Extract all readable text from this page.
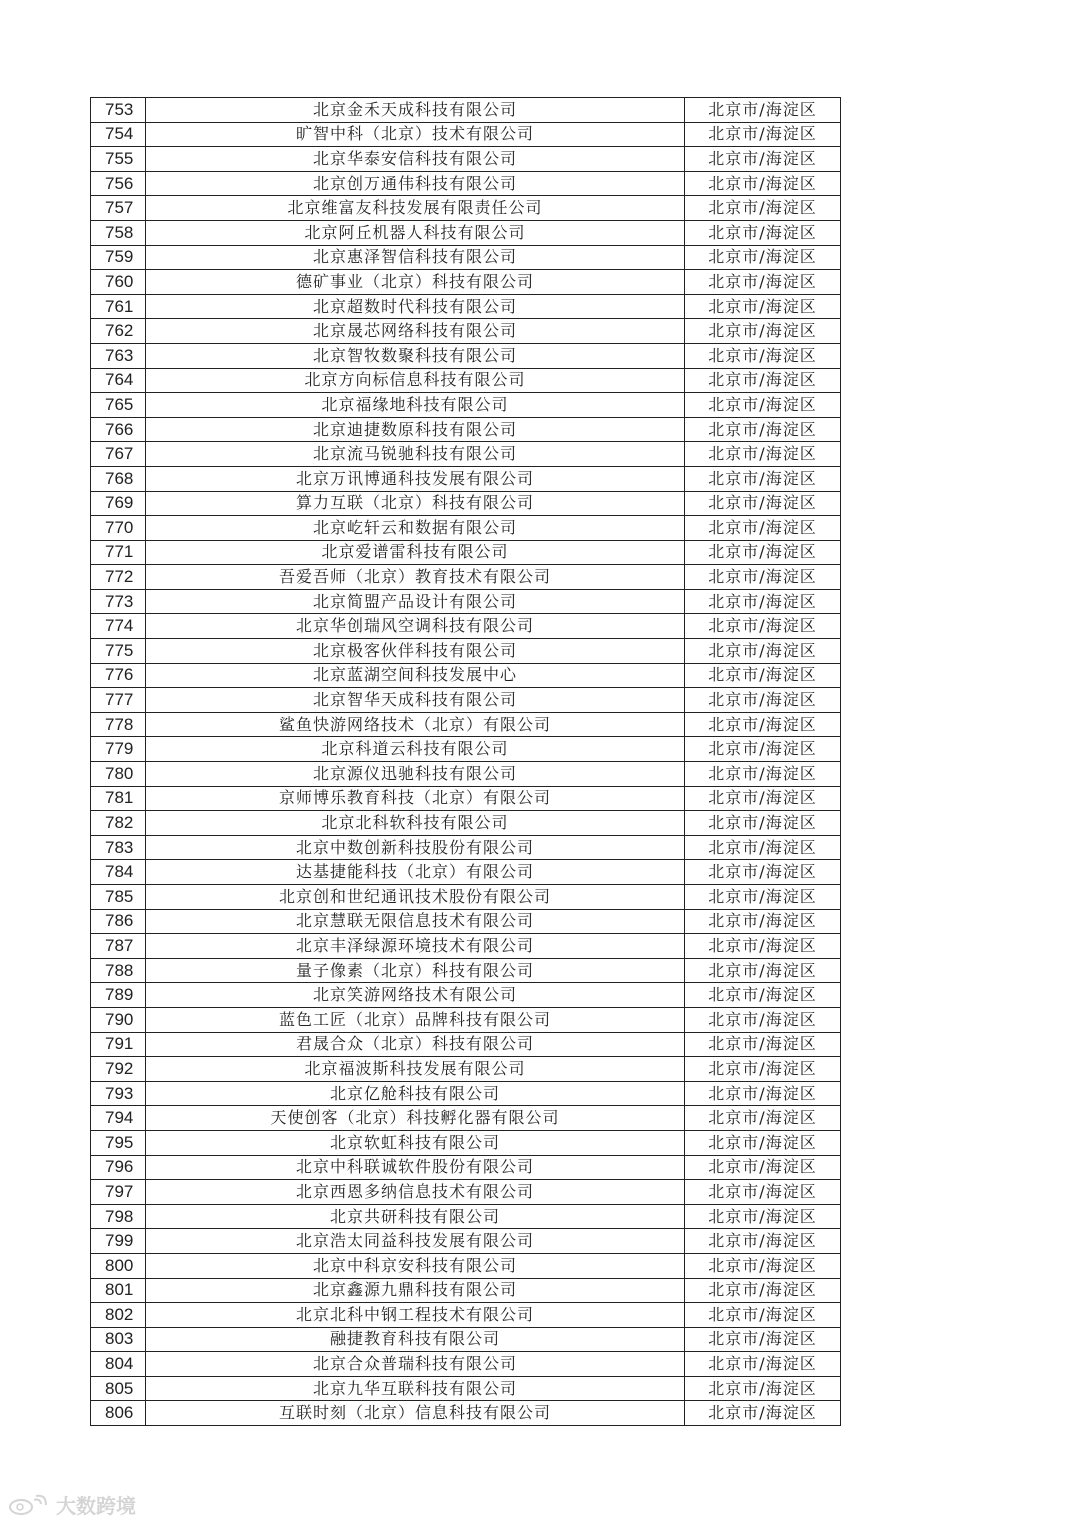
753	北京金禾天成科技有限公司	北京市/海淀区
754	旷智中科（北京）技术有限公司	北京市/海淀区
755	北京华泰安信科技有限公司	北京市/海淀区
756	北京创万通伟科技有限公司	北京市/海淀区
757	北京维富友科技发展有限责任公司	北京市/海淀区
758	北京阿丘机器人科技有限公司	北京市/海淀区
759	北京惠泽智信科技有限公司	北京市/海淀区
760	德矿事业（北京）科技有限公司	北京市/海淀区
761	北京超数时代科技有限公司	北京市/海淀区
762	北京晟芯网络科技有限公司	北京市/海淀区
763	北京智牧数聚科技有限公司	北京市/海淀区
764	北京方向标信息科技有限公司	北京市/海淀区
765	北京福缘地科技有限公司	北京市/海淀区
766	北京迪捷数原科技有限公司	北京市/海淀区
767	北京流马锐驰科技有限公司	北京市/海淀区
768	北京万讯博通科技发展有限公司	北京市/海淀区
769	算力互联（北京）科技有限公司	北京市/海淀区
770	北京屹轩云和数据有限公司	北京市/海淀区
771	北京爱谱雷科技有限公司	北京市/海淀区
772	吾爱吾师（北京）教育技术有限公司	北京市/海淀区
773	北京简盟产品设计有限公司	北京市/海淀区
774	北京华创瑞风空调科技有限公司	北京市/海淀区
775	北京极客伙伴科技有限公司	北京市/海淀区
776	北京蓝湖空间科技发展中心	北京市/海淀区
777	北京智华天成科技有限公司	北京市/海淀区
778	鲨鱼快游网络技术（北京）有限公司	北京市/海淀区
779	北京科道云科技有限公司	北京市/海淀区
780	北京源仪迅驰科技有限公司	北京市/海淀区
781	京师博乐教育科技（北京）有限公司	北京市/海淀区
782	北京北科软科技有限公司	北京市/海淀区
783	北京中数创新科技股份有限公司	北京市/海淀区
784	达基捷能科技（北京）有限公司	北京市/海淀区
785	北京创和世纪通讯技术股份有限公司	北京市/海淀区
786	北京慧联无限信息技术有限公司	北京市/海淀区
787	北京丰泽绿源环境技术有限公司	北京市/海淀区
788	量子像素（北京）科技有限公司	北京市/海淀区
789	北京笑游网络技术有限公司	北京市/海淀区
790	蓝色工匠（北京）品牌科技有限公司	北京市/海淀区
791	君晟合众（北京）科技有限公司	北京市/海淀区
792	北京福波斯科技发展有限公司	北京市/海淀区
793	北京亿舱科技有限公司	北京市/海淀区
794	天使创客（北京）科技孵化器有限公司	北京市/海淀区
795	北京软虹科技有限公司	北京市/海淀区
796	北京中科联诚软件股份有限公司	北京市/海淀区
797	北京西恩多纳信息技术有限公司	北京市/海淀区
798	北京共研科技有限公司	北京市/海淀区
799	北京浩太同益科技发展有限公司	北京市/海淀区
800	北京中科京安科技有限公司	北京市/海淀区
801	北京鑫源九鼎科技有限公司	北京市/海淀区
802	北京北科中钢工程技术有限公司	北京市/海淀区
803	融捷教育科技有限公司	北京市/海淀区
804	北京合众普瑞科技有限公司	北京市/海淀区
805	北京九华互联科技有限公司	北京市/海淀区
806	互联时刻（北京）信息科技有限公司	北京市/海淀区
大数跨境
